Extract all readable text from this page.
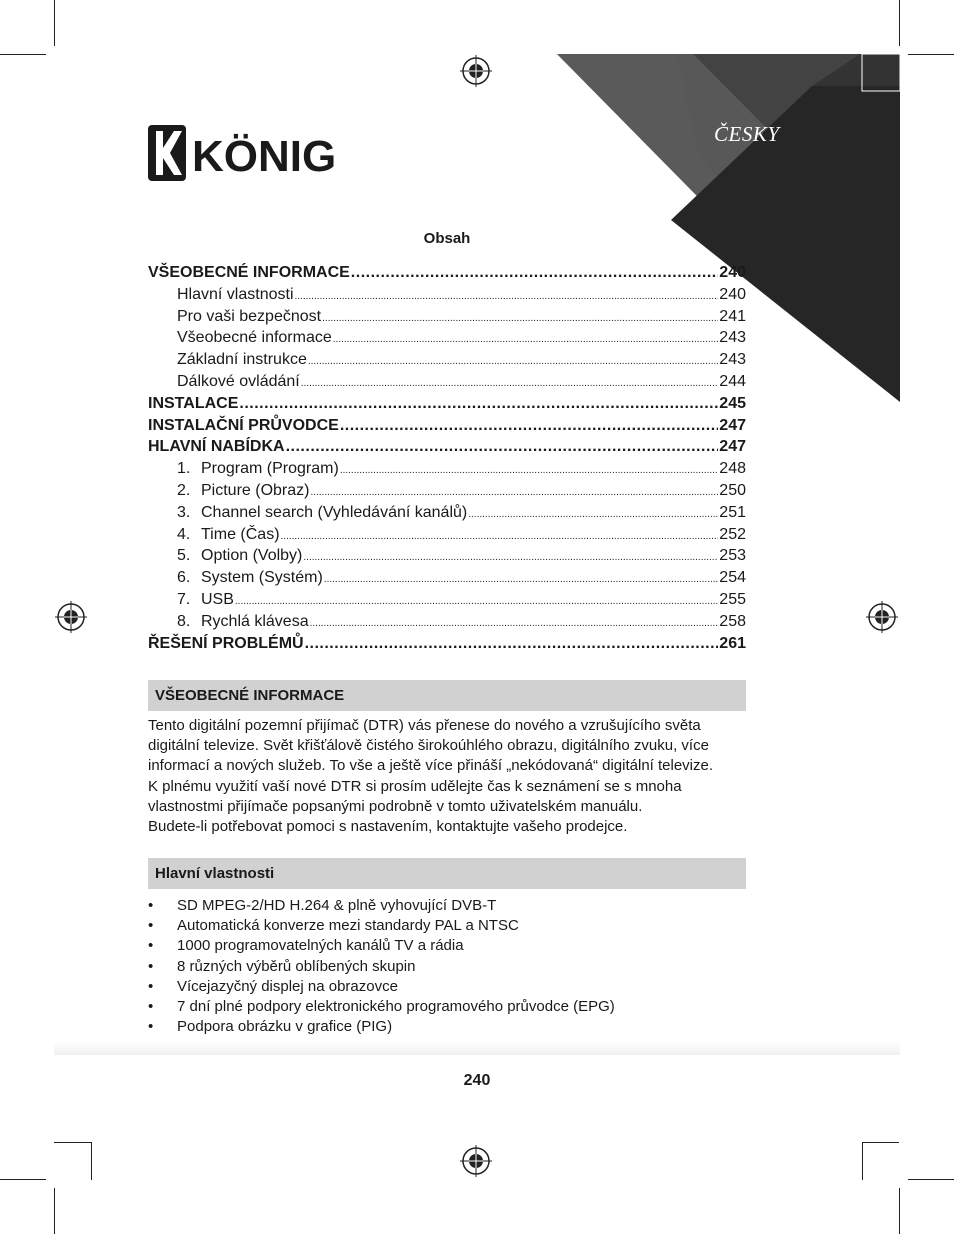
ČESKY
KÖNIG
Obsah
VŠEOBECNÉ INFORMACE .....	240
Hlavní vlastnosti .....	240
Pro vaši bezpečnost .....	241
Všeobecné informace .....	243
Základní instrukce .....	243
Dálkové ovládání .....	244
INSTALACE .....	245
INSTALAČNÍ PRŮVODCE .....	247
HLAVNÍ NABÍDKA .....	247
1. Program (Program) .....	248
2. Picture (Obraz) .....	250
3. Channel search (Vyhledávání kanálů) .....	251
4. Time (Čas) .....	252
5. Option (Volby) .....	253
6. System (Systém) .....	254
7. USB .....	255
8. Rychlá klávesa .....	258
ŘEŠENÍ PROBLÉMŮ .....	261
VŠEOBECNÉ INFORMACE

Tento digitální pozemní přijímač (DTR) vás přenese do nového a vzrušujícího světa

digitální televize. Svět křišťálově čistého širokoúhlého obrazu, digitálního zvuku, více

informací a nových služeb. To vše a ještě více přináší „nekódovaná“ digitální televize.

K plnému využití vaší nové DTR si prosím udělejte čas k seznámení se s mnoha

vlastnostmi přijímače popsanými podrobně v tomto uživatelském manuálu.

Budete-li potřebovat pomoci s nastavením, kontaktujte vašeho prodejce.

Hlavní vlastnosti
• SD MPEG-2/HD H.264 & plně vyhovující DVB-T
• Automatická konverze mezi standardy PAL a NTSC
• 1000 programovatelných kanálů TV a rádia
• 8 různých výběrů oblíbených skupin
• Vícejazyčný displej na obrazovce
• 7 dní plné podpory elektronického programového průvodce (EPG)
• Podpora obrázku v grafice (PIG)
240
